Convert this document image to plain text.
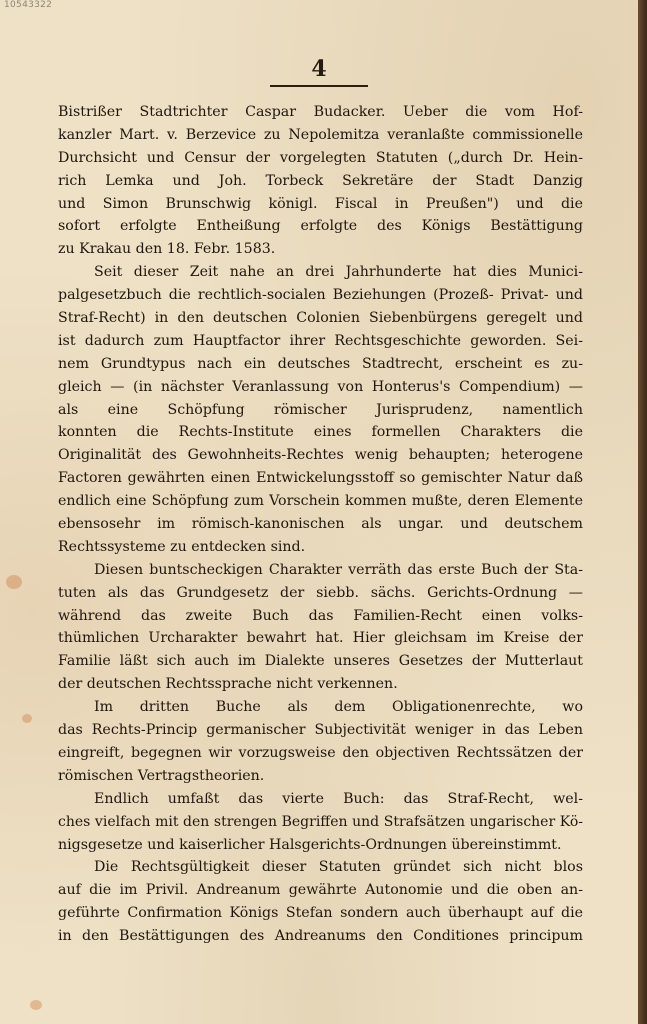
10543322
4
Bistrißer Stadtrichter Caspar Budacker. Ueber die vom Hof-
kanzler Mart. v. Berzevice zu Nepolemitza veranlaßte commissionelle
Durchsicht und Censur der vorgelegten Statuten („durch Dr. Hein-
rich Lemka und Joh. Torbeck Sekretäre der Stadt Danzig
und Simon Brunschwig königl. Fiscal in Preußen") und die
sofort erfolgte Entheißung erfolgte des Königs Bestättigung
zu Krakau den 18. Febr. 1583.
Seit dieser Zeit nahe an drei Jahrhunderte hat dies Munici-
palgesetzbuch die rechtlich-socialen Beziehungen (Prozeß- Privat- und
Straf-Recht) in den deutschen Colonien Siebenbürgens geregelt und
ist dadurch zum Hauptfactor ihrer Rechtsgeschichte geworden. Sei-
nem Grundtypus nach ein deutsches Stadtrecht, erscheint es zu-
gleich — (in nächster Veranlassung von Honterus's Compendium) —
als eine Schöpfung römischer Jurisprudenz, namentlich
konnten die Rechts-Institute eines formellen Charakters die
Originalität des Gewohnheits-Rechtes wenig behaupten; heterogene
Factoren gewährten einen Entwickelungsstoff so gemischter Natur daß
endlich eine Schöpfung zum Vorschein kommen mußte, deren Elemente
ebensosehr im römisch-kanonischen als ungar. und deutschem
Rechtssysteme zu entdecken sind.
Diesen buntscheckigen Charakter verräth das erste Buch der Sta-
tuten als das Grundgesetz der siebb. sächs. Gerichts-Ordnung —
während das zweite Buch das Familien-Recht einen volks-
thümlichen Urcharakter bewahrt hat. Hier gleichsam im Kreise der
Familie läßt sich auch im Dialekte unseres Gesetzes der Mutterlaut
der deutschen Rechtssprache nicht verkennen.
Im dritten Buche als dem Obligationenrechte, wo
das Rechts-Princip germanischer Subjectivität weniger in das Leben
eingreift, begegnen wir vorzugsweise den objectiven Rechtssätzen der
römischen Vertragstheorien.
Endlich umfaßt das vierte Buch: das Straf-Recht, wel-
ches vielfach mit den strengen Begriffen und Strafsätzen ungarischer Kö-
nigsgesetze und kaiserlicher Halsgerichts-Ordnungen übereinstimmt.
Die Rechtsgültigkeit dieser Statuten gründet sich nicht blos
auf die im Privil. Andreanum gewährte Autonomie und die oben an-
geführte Confirmation Königs Stefan sondern auch überhaupt auf die
in den Bestättigungen des Andreanums den Conditiones principum
